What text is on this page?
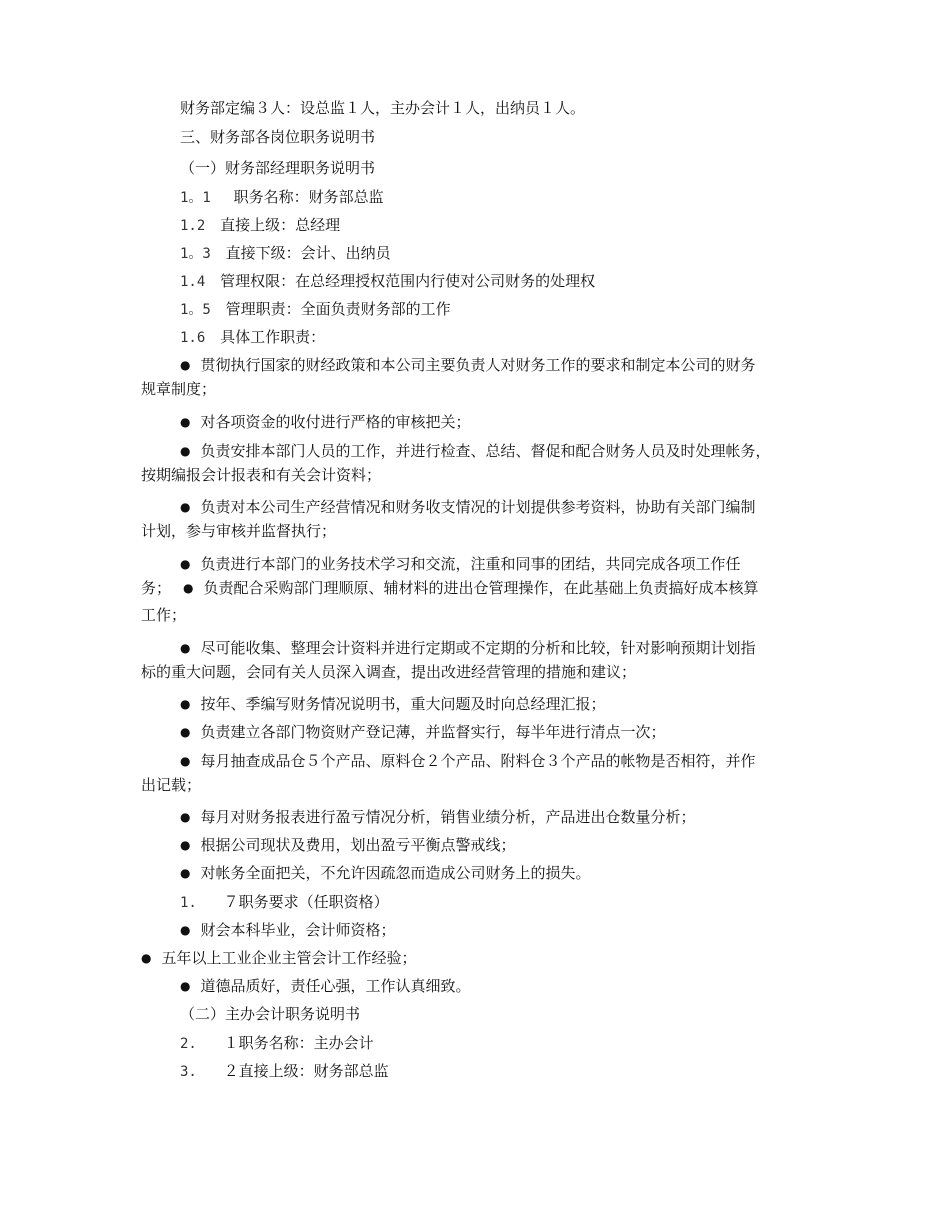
财务部定编３人：设总监１人，主办会计１人，出纳员１人。
三、财务部各岗位职务说明书
（一）财务部经理职务说明书
1。1 职务名称：财务部总监
1.2 直接上级：总经理
1。3 直接下级：会计、出纳员
1.4 管理权限：在总经理授权范围内行使对公司财务的处理权
1。5 管理职责：全面负责财务部的工作
1.6 具体工作职责：
● 贯彻执行国家的财经政策和本公司主要负责人对财务工作的要求和制定本公司的财务
规章制度；
● 对各项资金的收付进行严格的审核把关；
● 负责安排本部门人员的工作，并进行检查、总结、督促和配合财务人员及时处理帐务，
按期编报会计报表和有关会计资料；
● 负责对本公司生产经营情况和财务收支情况的计划提供参考资料，协助有关部门编制
计划，参与审核并监督执行；
● 负责进行本部门的业务技术学习和交流，注重和同事的团结，共同完成各项工作任
务； ● 负责配合采购部门理顺原、辅材料的进出仓管理操作，在此基础上负责搞好成本核算
工作；
● 尽可能收集、整理会计资料并进行定期或不定期的分析和比较，针对影响预期计划指
标的重大问题，会同有关人员深入调查，提出改进经营管理的措施和建议；
● 按年、季编写财务情况说明书，重大问题及时向总经理汇报；
● 负责建立各部门物资财产登记薄，并监督实行，每半年进行清点一次；
● 每月抽查成品仓５个产品、原料仓２个产品、附料仓３个产品的帐物是否相符，并作
出记载；
● 每月对财务报表进行盈亏情况分析，销售业绩分析，产品进出仓数量分析；
● 根据公司现状及费用，划出盈亏平衡点警戒线；
● 对帐务全面把关，不允许因疏忽而造成公司财务上的损失。
1. ７职务要求（任职资格）
● 财会本科毕业，会计师资格；
● 五年以上工业企业主管会计工作经验；
● 道德品质好，责任心强，工作认真细致。
（二）主办会计职务说明书
2. １职务名称：主办会计
3. ２直接上级：财务部总监
